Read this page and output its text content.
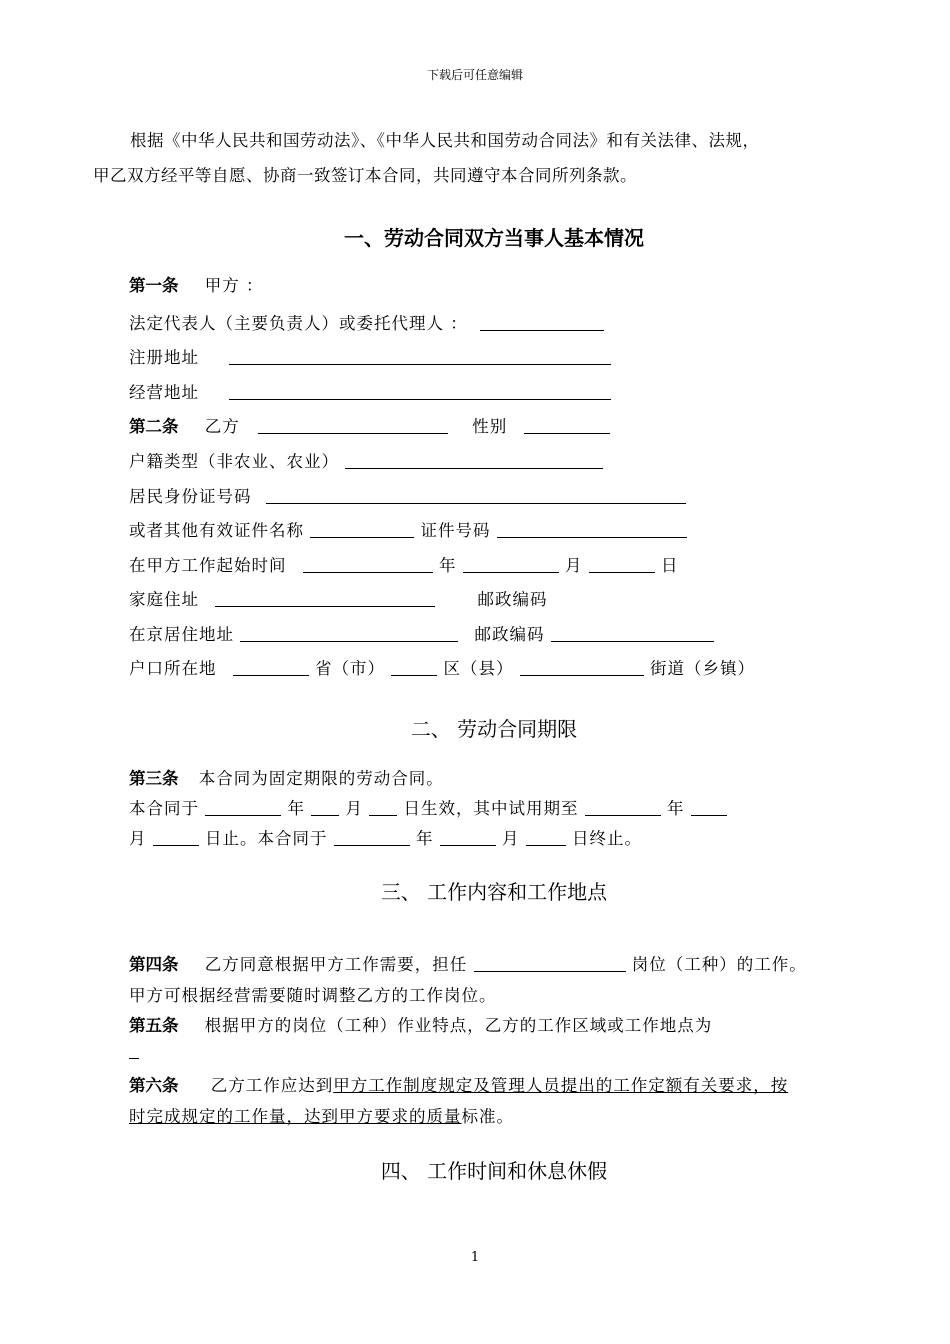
下载后可任意编辑
根据《中华人民共和国劳动法》、《中华人民共和国劳动合同法》和有关法律、法规，
甲乙双方经平等自愿、协商一致签订本合同，共同遵守本合同所列条款。
一、劳动合同双方当事人基本情况
第一条 甲方 ：
法定代表人（主要负责人）或委托代理人 ：
注册地址
经营地址
第二条 乙方	性别
户籍类型（非农业、农业）
居民身份证号码
或者其他有效证件名称	证件号码
在甲方工作起始时间	年	月	日
家庭住址	邮政编码
在京居住地址	邮政编码
户口所在地	省（市）	区（县）	街道（乡镇）
二、 劳动合同期限
第三条 本合同为固定期限的劳动合同。
本合同于	年 月 日生效，其中试用期至	年
月	日止。本合同于	年	月	日终止。
三、 工作内容和工作地点
第四条 乙方同意根据甲方工作需要，担任	岗位（工种）的工作。
甲方可根据经营需要随时调整乙方的工作岗位。
第五条 根据甲方的岗位（工种）作业特点，乙方的工作区域或工作地点为
第六条 乙方工作应达到甲方工作制度规定及管理人员提出的工作定额有关要求，按
时完成规定的工作量，达到甲方要求的质量标准。
四、 工作时间和休息休假
1
